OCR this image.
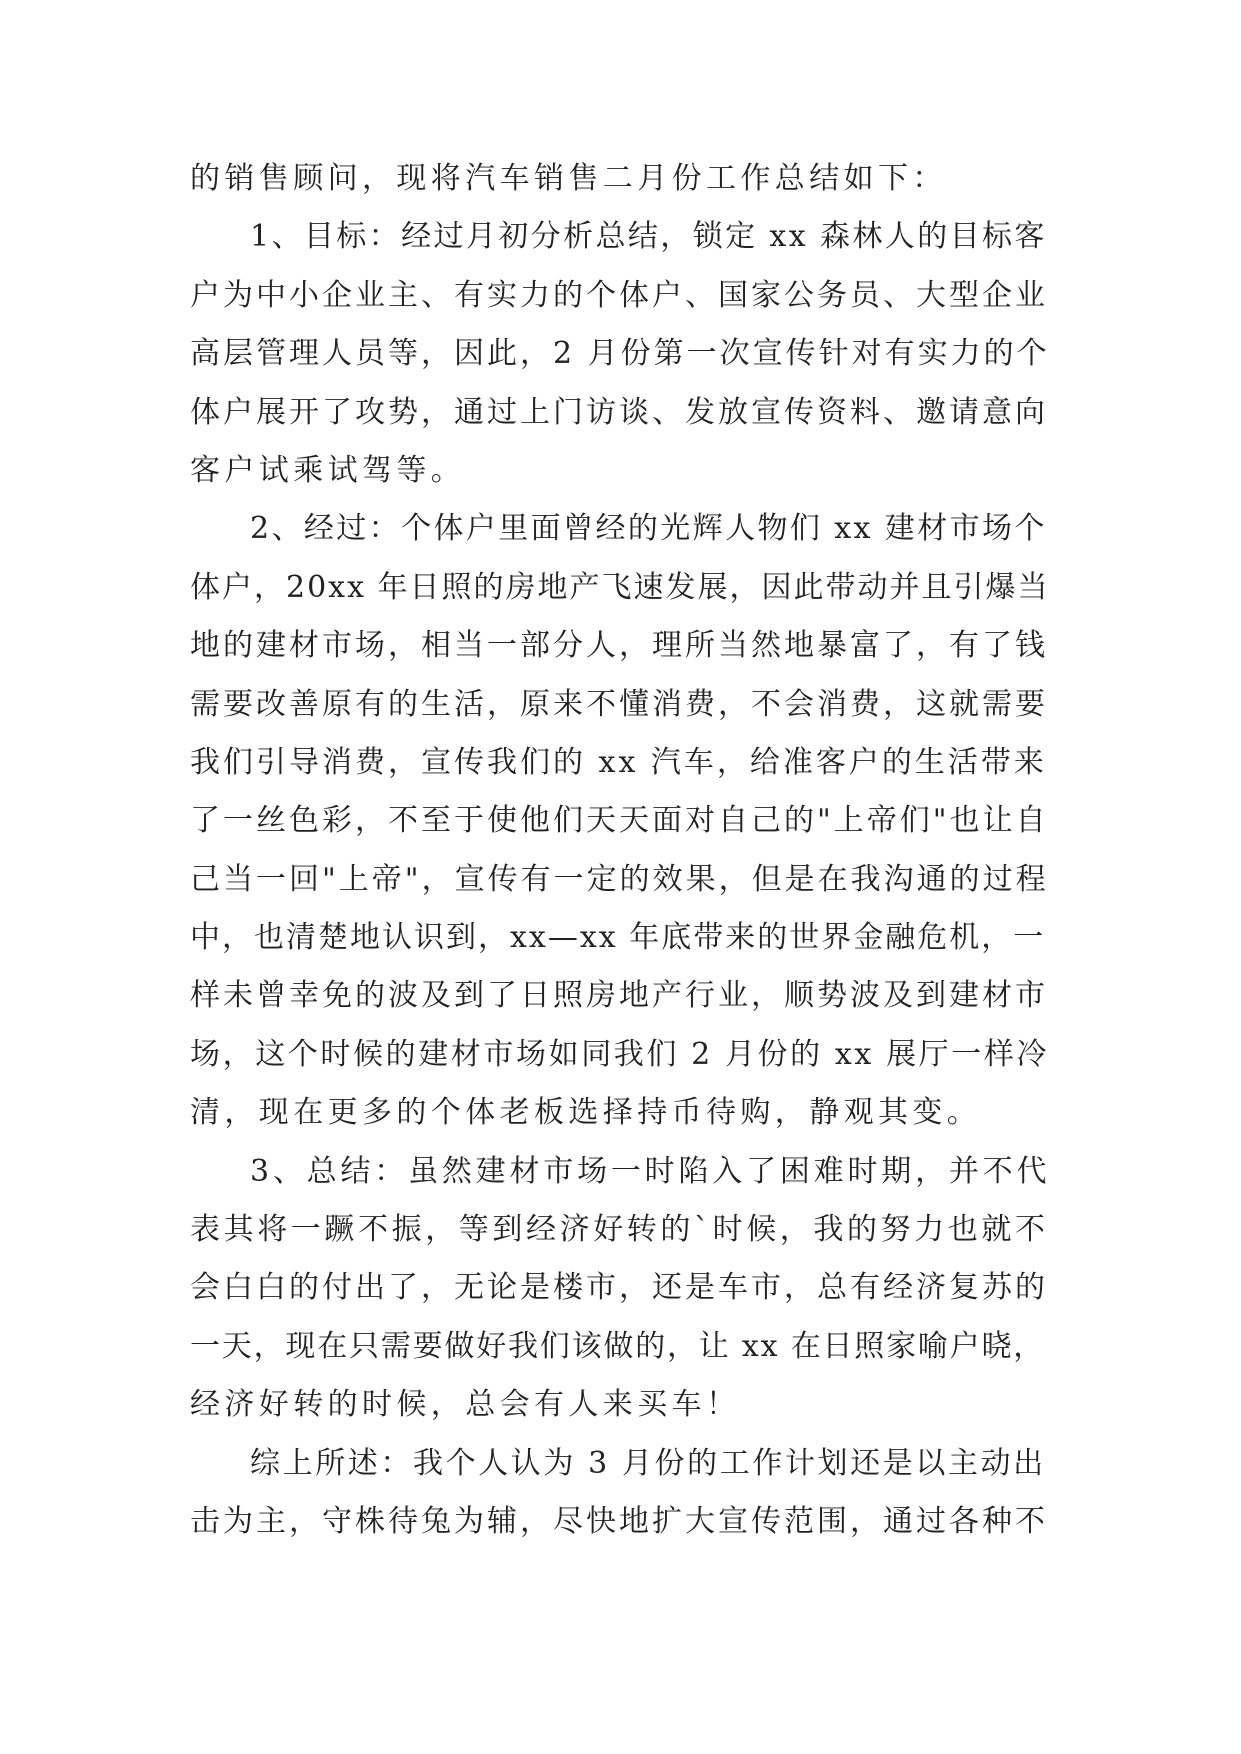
的销售顾问，现将汽车销售二月份工作总结如下：
1、目标：经过月初分析总结，锁定 xx 森林人的目标客
户为中小企业主、有实力的个体户、国家公务员、大型企业
高层管理人员等，因此，2 月份第一次宣传针对有实力的个
体户展开了攻势，通过上门访谈、发放宣传资料、邀请意向
客户试乘试驾等。
2、经过：个体户里面曾经的光辉人物们 xx 建材市场个
体户，20xx 年日照的房地产飞速发展，因此带动并且引爆当
地的建材市场，相当一部分人，理所当然地暴富了，有了钱
需要改善原有的生活，原来不懂消费，不会消费，这就需要
我们引导消费，宣传我们的 xx 汽车，给准客户的生活带来
了一丝色彩，不至于使他们天天面对自己的"上帝们"也让自
己当一回"上帝"，宣传有一定的效果，但是在我沟通的过程
中，也清楚地认识到，xx—xx 年底带来的世界金融危机，一
样未曾幸免的波及到了日照房地产行业，顺势波及到建材市
场，这个时候的建材市场如同我们 2 月份的 xx 展厅一样冷
清，现在更多的个体老板选择持币待购，静观其变。
3、总结：虽然建材市场一时陷入了困难时期，并不代
表其将一蹶不振，等到经济好转的`时候，我的努力也就不
会白白的付出了，无论是楼市，还是车市，总有经济复苏的
一天，现在只需要做好我们该做的，让 xx 在日照家喻户晓，
经济好转的时候，总会有人来买车！
综上所述：我个人认为 3 月份的工作计划还是以主动出
击为主，守株待兔为辅，尽快地扩大宣传范围，通过各种不
